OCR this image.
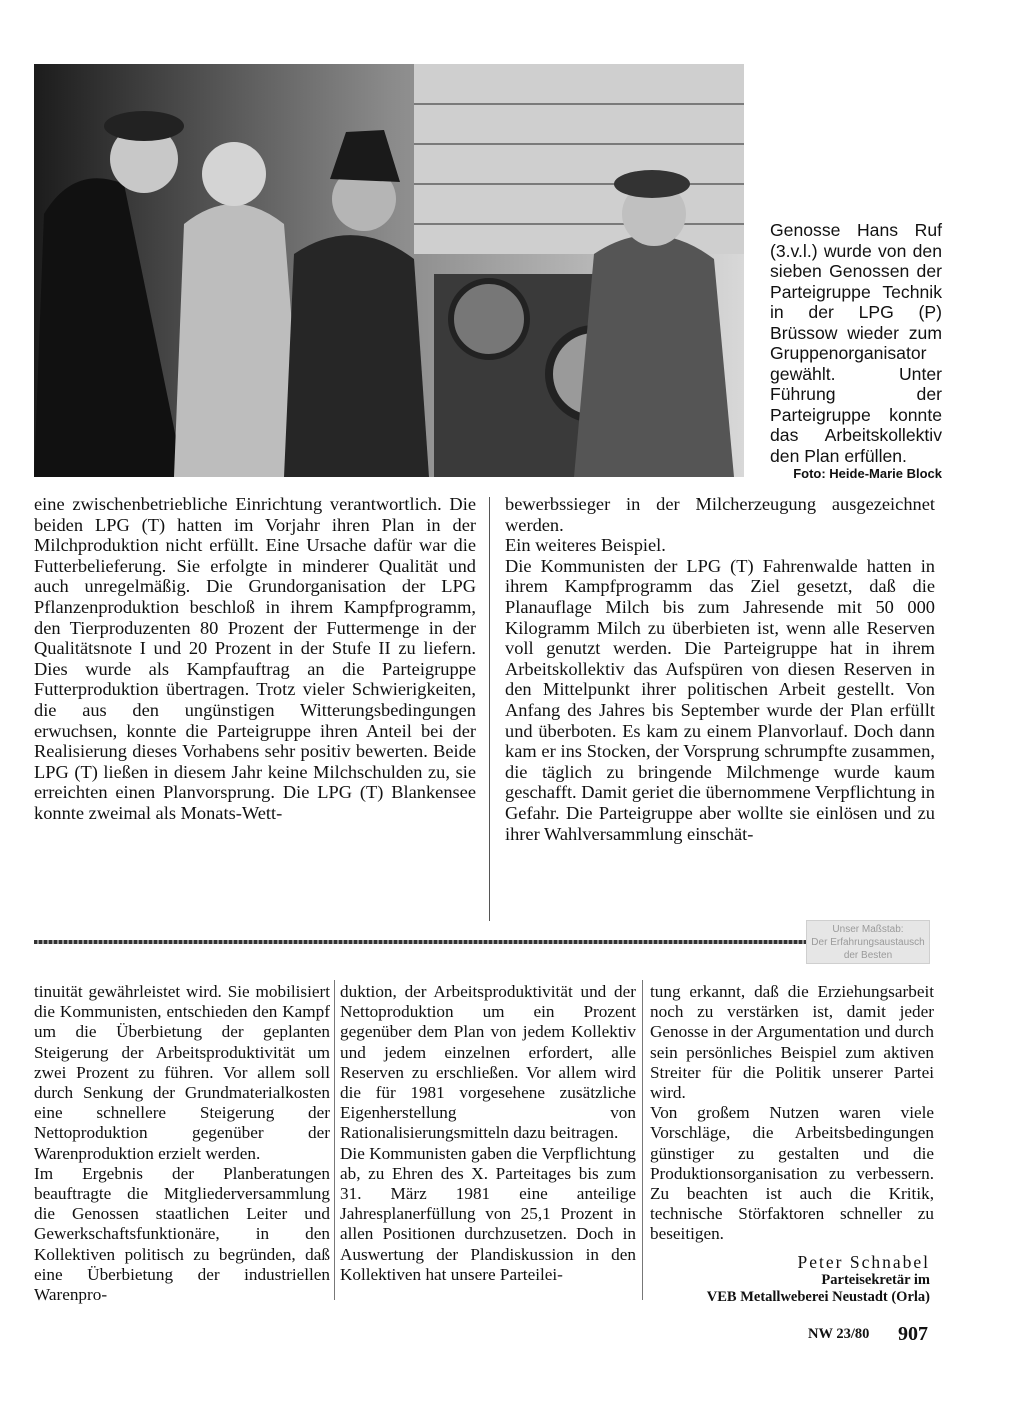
Genosse Hans Ruf (3.v.l.) wurde von den sieben Genossen der Parteigruppe Technik in der LPG (P) Brüssow wieder zum Gruppenorganisator gewählt. Unter Führung der Parteigruppe konnte das Arbeitskollektiv den Plan erfüllen.
Foto: Heide-Marie Block

eine zwischenbetriebliche Einrichtung verantwortlich. Die beiden LPG (T) hatten im Vorjahr ihren Plan in der Milchproduktion nicht erfüllt. Eine Ursache dafür war die Futterbelieferung. Sie erfolgte in minderer Qualität und auch unregelmäßig. Die Grundorganisation der LPG Pflanzenproduktion beschloß in ihrem Kampfprogramm, den Tierproduzenten 80 Prozent der Futtermenge in der Qualitätsnote I und 20 Prozent in der Stufe II zu liefern. Dies wurde als Kampfauftrag an die Parteigruppe Futterproduktion übertragen. Trotz vieler Schwierigkeiten, die aus den ungünstigen Witterungsbedingungen erwuchsen, konnte die Parteigruppe ihren Anteil bei der Realisierung dieses Vorhabens sehr positiv bewerten. Beide LPG (T) ließen in diesem Jahr keine Milchschulden zu, sie erreichten einen Planvorsprung. Die LPG (T) Blankensee konnte zweimal als Monats-Wett-

bewerbssieger in der Milcherzeugung ausgezeichnet werden.

Ein weiteres Beispiel.

Die Kommunisten der LPG (T) Fahrenwalde hatten in ihrem Kampfprogramm das Ziel gesetzt, daß die Planauflage Milch bis zum Jahresende mit 50 000 Kilogramm Milch zu überbieten ist, wenn alle Reserven voll genutzt werden. Die Parteigruppe hat in ihrem Arbeitskollektiv das Aufspüren von diesen Reserven in den Mittelpunkt ihrer politischen Arbeit gestellt. Von Anfang des Jahres bis September wurde der Plan erfüllt und überboten. Es kam zu einem Planvorlauf. Doch dann kam er ins Stocken, der Vorsprung schrumpfte zusammen, die täglich zu bringende Milchmenge wurde kaum geschafft. Damit geriet die übernommene Verpflichtung in Gefahr. Die Parteigruppe aber wollte sie einlösen und zu ihrer Wahlversammlung einschät-

Unser Maßstab:
Der Erfahrungsaustausch
der Besten

tinuität gewährleistet wird. Sie mobilisiert die Kommunisten, entschieden den Kampf um die Überbietung der geplanten Steigerung der Arbeitsproduktivität um zwei Prozent zu führen. Vor allem soll durch Senkung der Grundmaterialkosten eine schnellere Steigerung der Nettoproduktion gegenüber der Warenproduktion erzielt werden.

Im Ergebnis der Planberatungen beauftragte die Mitgliederversammlung die Genossen staatlichen Leiter und Gewerkschaftsfunktionäre, in den Kollektiven politisch zu begründen, daß eine Überbietung der industriellen Warenpro-

duktion, der Arbeitsproduktivität und der Nettoproduktion um ein Prozent gegenüber dem Plan von jedem Kollektiv und jedem einzelnen erfordert, alle Reserven zu erschließen. Vor allem wird die für 1981 vorgesehene zusätzliche Eigenherstellung von Rationalisierungsmitteln dazu beitragen.

Die Kommunisten gaben die Verpflichtung ab, zu Ehren des X. Parteitages bis zum 31. März 1981 eine anteilige Jahresplanerfüllung von 25,1 Prozent in allen Positionen durchzusetzen. Doch in Auswertung der Plandiskussion in den Kollektiven hat unsere Parteilei-

tung erkannt, daß die Erziehungsarbeit noch zu verstärken ist, damit jeder Genosse in der Argumentation und durch sein persönliches Beispiel zum aktiven Streiter für die Politik unserer Partei wird.

Von großem Nutzen waren viele Vorschläge, die Arbeitsbedingungen günstiger zu gestalten und die Produktionsorganisation zu verbessern. Zu beachten ist auch die Kritik, technische Störfaktoren schneller zu beseitigen.

Peter Schnabel
Parteisekretär im
VEB Metallweberei Neustadt (Orla)
NW 23/80 907
